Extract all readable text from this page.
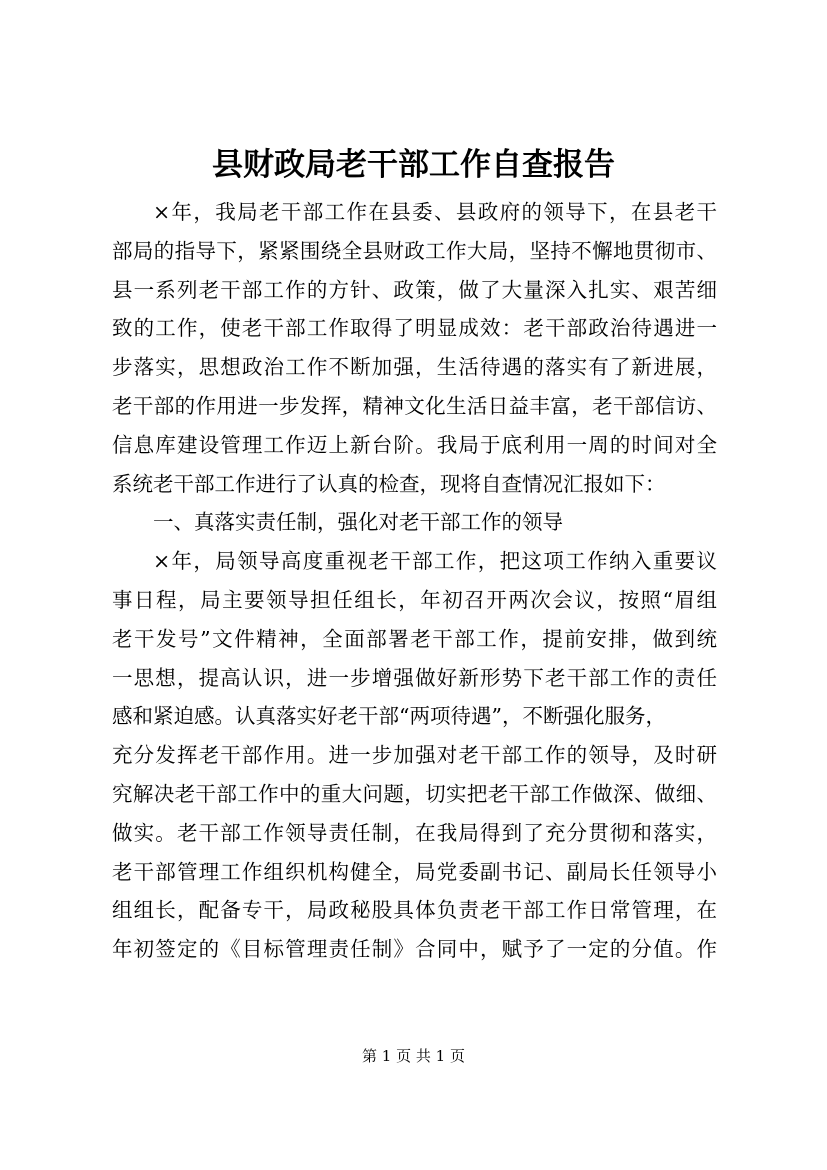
县财政局老干部工作自查报告
×年，我局老干部工作在县委、县政府的领导下，在县老干
部局的指导下，紧紧围绕全县财政工作大局，坚持不懈地贯彻市、
县一系列老干部工作的方针、政策，做了大量深入扎实、艰苦细
致的工作，使老干部工作取得了明显成效：老干部政治待遇进一
步落实，思想政治工作不断加强，生活待遇的落实有了新进展，
老干部的作用进一步发挥，精神文化生活日益丰富，老干部信访、
信息库建设管理工作迈上新台阶。我局于底利用一周的时间对全
系统老干部工作进行了认真的检查，现将自查情况汇报如下：
一、真落实责任制，强化对老干部工作的领导
×年，局领导高度重视老干部工作，把这项工作纳入重要议
事日程，局主要领导担任组长，年初召开两次会议，按照“眉组
老干发号”文件精神，全面部署老干部工作，提前安排，做到统
一思想，提高认识，进一步增强做好新形势下老干部工作的责任
感和紧迫感。认真落实好老干部“两项待遇”，不断强化服务，
充分发挥老干部作用。进一步加强对老干部工作的领导，及时研
究解决老干部工作中的重大问题，切实把老干部工作做深、做细、
做实。老干部工作领导责任制，在我局得到了充分贯彻和落实，
老干部管理工作组织机构健全，局党委副书记、副局长任领导小
组组长，配备专干，局政秘股具体负责老干部工作日常管理，在
年初签定的《目标管理责任制》合同中，赋予了一定的分值。作
第 1 页 共 1 页
